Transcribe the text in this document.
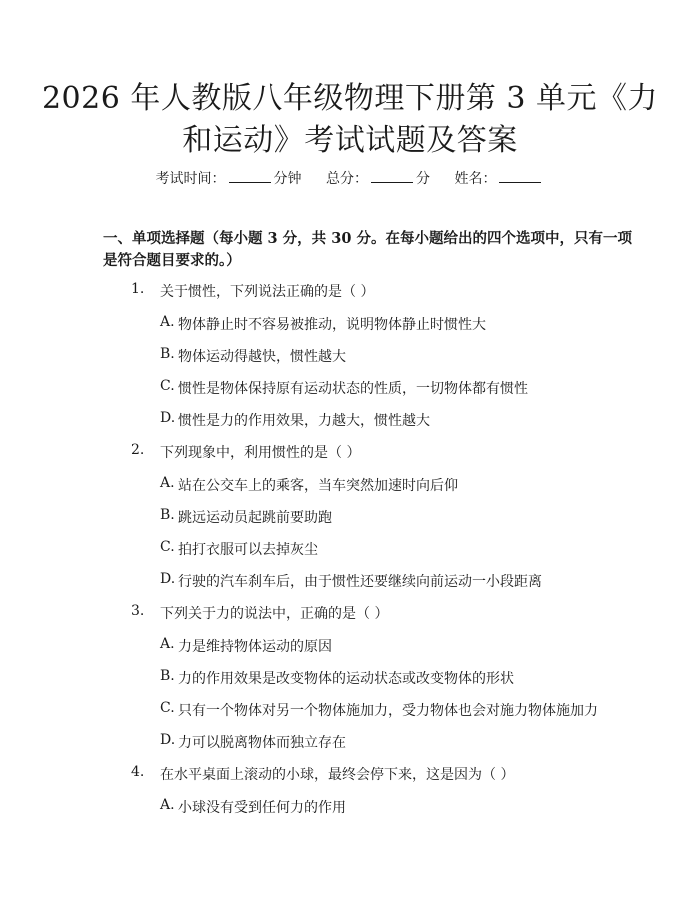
2026 年人教版八年级物理下册第 3 单元《力
和运动》考试试题及答案
考试时间：	分钟 总分：	分 姓名：
一、单项选择题（每小题 3 分，共 30 分。在每小题给出的四个选项中，只有一项
是符合题目要求的。）
1. 关于惯性，下列说法正确的是（ ）
A. 物体静止时不容易被推动，说明物体静止时惯性大
B. 物体运动得越快，惯性越大
C. 惯性是物体保持原有运动状态的性质，一切物体都有惯性
D. 惯性是力的作用效果，力越大，惯性越大
2. 下列现象中，利用惯性的是（ ）
A. 站在公交车上的乘客，当车突然加速时向后仰
B. 跳远运动员起跳前要助跑
C. 拍打衣服可以去掉灰尘
D. 行驶的汽车刹车后，由于惯性还要继续向前运动一小段距离
3. 下列关于力的说法中，正确的是（ ）
A. 力是维持物体运动的原因
B. 力的作用效果是改变物体的运动状态或改变物体的形状
C. 只有一个物体对另一个物体施加力，受力物体也会对施力物体施加力
D. 力可以脱离物体而独立存在
4. 在水平桌面上滚动的小球，最终会停下来，这是因为（ ）
A. 小球没有受到任何力的作用
